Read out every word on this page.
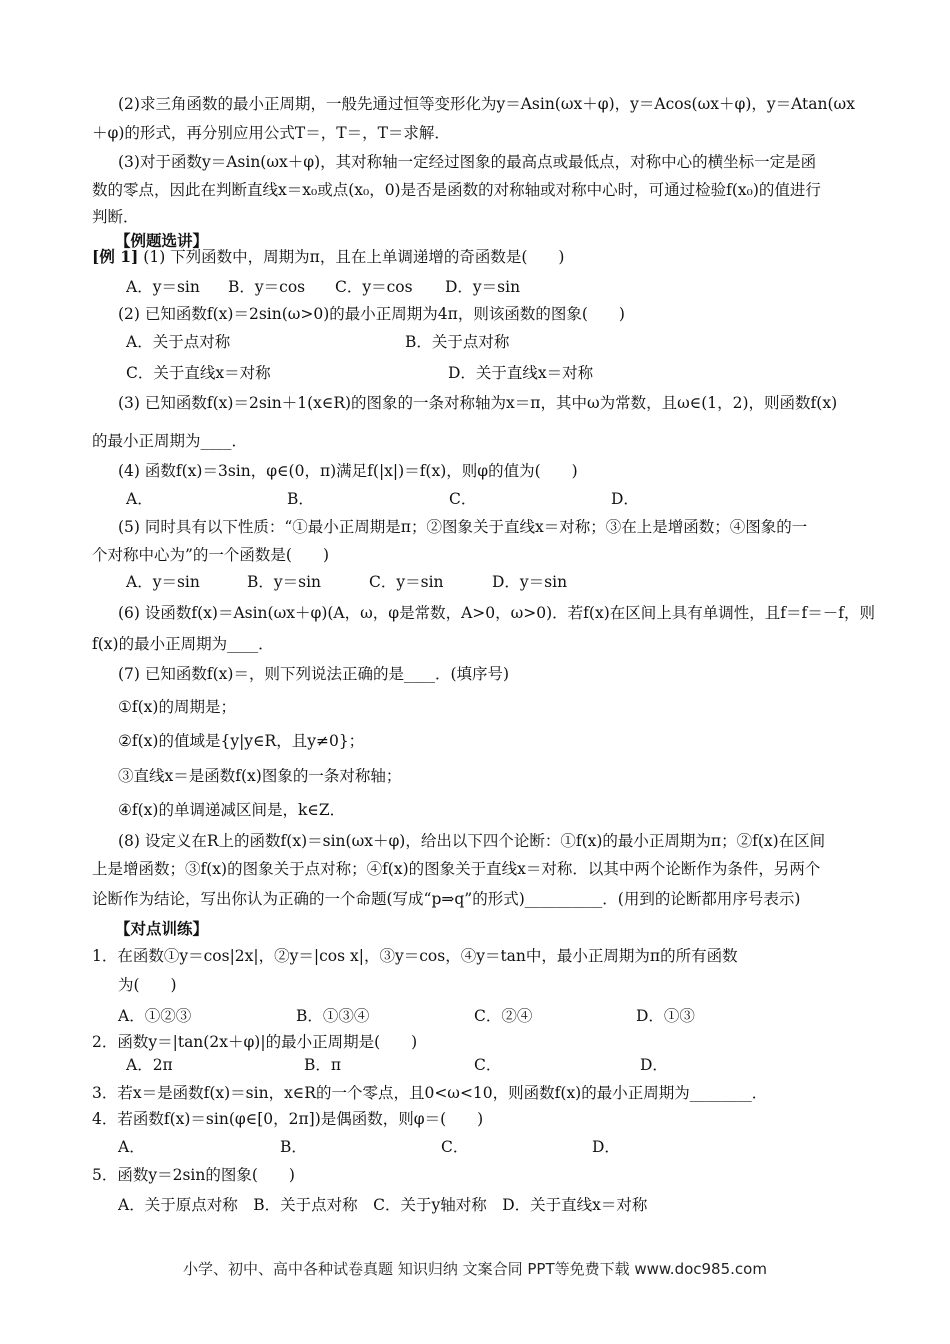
(2)求三角函数的最小正周期，一般先通过恒等变形化为y＝Asin(ωx＋φ)，y＝Acos(ωx＋φ)，y＝Atan(ωx
＋φ)的形式，再分别应用公式T＝，T＝，T＝求解．
(3)对于函数y＝Asin(ωx＋φ)，其对称轴一定经过图象的最高点或最低点，对称中心的横坐标一定是函
数的零点，因此在判断直线x＝x₀或点(x₀，0)是否是函数的对称轴或对称中心时，可通过检验f(x₀)的值进行
判断．
【例题选讲】
[例 1] (1) 下列函数中，周期为π，且在上单调递增的奇函数是(　　)
A．y＝sin B．y＝cos C．y＝cos D．y＝sin
(2) 已知函数f(x)＝2sin(ω>0)的最小正周期为4π，则该函数的图象(　　)
A．关于点对称	B．关于点对称
C．关于直线x＝对称	D．关于直线x＝对称
(3) 已知函数f(x)＝2sin＋1(x∈R)的图象的一条对称轴为x＝π，其中ω为常数，且ω∈(1，2)，则函数f(x)
的最小正周期为____．
(4) 函数f(x)＝3sin，φ∈(0，π)满足f(|x|)＝f(x)，则φ的值为(　　)
A．	B．	C．	D．
(5) 同时具有以下性质：“①最小正周期是π；②图象关于直线x＝对称；③在上是增函数；④图象的一
个对称中心为”的一个函数是(　　)
A．y＝sin	B．y＝sin	C．y＝sin	D．y＝sin
(6) 设函数f(x)＝Asin(ωx＋φ)(A，ω，φ是常数，A>0，ω>0)．若f(x)在区间上具有单调性，且f＝f＝－f，则
f(x)的最小正周期为____．
(7) 已知函数f(x)＝，则下列说法正确的是____．(填序号)
①f(x)的周期是；
②f(x)的值域是{y|y∈R，且y≠0}；
③直线x＝是函数f(x)图象的一条对称轴；
④f(x)的单调递减区间是，k∈Z．
(8) 设定义在R上的函数f(x)＝sin(ωx＋φ)，给出以下四个论断：①f(x)的最小正周期为π；②f(x)在区间
上是增函数；③f(x)的图象关于点对称；④f(x)的图象关于直线x＝对称．以其中两个论断作为条件，另两个
论断作为结论，写出你认为正确的一个命题(写成“p⇒q”的形式)__________．(用到的论断都用序号表示)
【对点训练】
1．在函数①y＝cos|2x|，②y＝|cos x|，③y＝cos，④y＝tan中，最小正周期为π的所有函数
为(　　)
A．①②③	B．①③④	C．②④	D．①③
2．函数y＝|tan(2x＋φ)|的最小正周期是(　　)
A．2π	B．π	C．	D．
3．若x＝是函数f(x)＝sin，x∈R的一个零点，且0<ω<10，则函数f(x)的最小正周期为________．
4．若函数f(x)＝sin(φ∈[0，2π])是偶函数，则φ＝(　　)
A．	B．	C．	D．
5．函数y＝2sin的图象(　　)
A．关于原点对称　B．关于点对称　C．关于y轴对称　D．关于直线x＝对称
小学、初中、高中各种试卷真题 知识归纳 文案合同 PPT等免费下载 www.doc985.com
